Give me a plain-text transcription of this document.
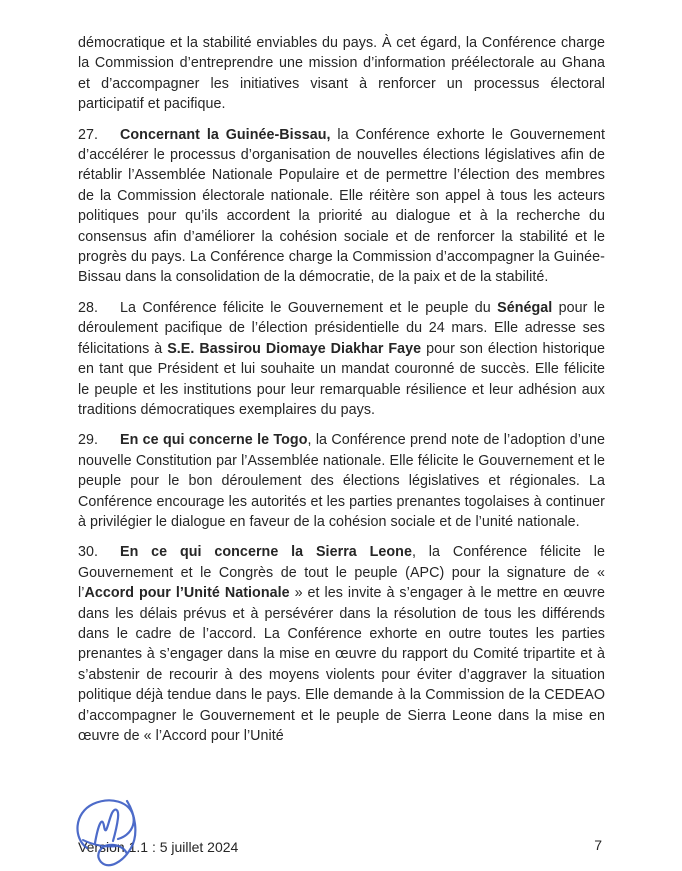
démocratique et la stabilité enviables du pays. À cet égard, la Conférence charge la Commission d’entreprendre une mission d’information préélectorale au Ghana et d’accompagner les initiatives visant à renforcer un processus électoral participatif et pacifique.

27. Concernant la Guinée-Bissau, la Conférence exhorte le Gouvernement d’accélérer le processus d’organisation de nouvelles élections législatives afin de rétablir l’Assemblée Nationale Populaire et de permettre l’élection des membres de la Commission électorale nationale. Elle réitère son appel à tous les acteurs politiques pour qu’ils accordent la priorité au dialogue et à la recherche du consensus afin d’améliorer la cohésion sociale et de renforcer la stabilité et le progrès du pays. La Conférence charge la Commission d’accompagner la Guinée-Bissau dans la consolidation de la démocratie, de la paix et de la stabilité.

28. La Conférence félicite le Gouvernement et le peuple du Sénégal pour le déroulement pacifique de l’élection présidentielle du 24 mars. Elle adresse ses félicitations à S.E. Bassirou Diomaye Diakhar Faye pour son élection historique en tant que Président et lui souhaite un mandat couronné de succès. Elle félicite le peuple et les institutions pour leur remarquable résilience et leur adhésion aux traditions démocratiques exemplaires du pays.

29. En ce qui concerne le Togo, la Conférence prend note de l’adoption d’une nouvelle Constitution par l’Assemblée nationale. Elle félicite le Gouvernement et le peuple pour le bon déroulement des élections législatives et régionales. La Conférence encourage les autorités et les parties prenantes togolaises à continuer à privilégier le dialogue en faveur de la cohésion sociale et de l’unité nationale.

30. En ce qui concerne la Sierra Leone, la Conférence félicite le Gouvernement et le Congrès de tout le peuple (APC) pour la signature de « l’Accord pour l’Unité Nationale » et les invite à s’engager à le mettre en œuvre dans les délais prévus et à persévérer dans la résolution de tous les différends dans le cadre de l’accord. La Conférence exhorte en outre toutes les parties prenantes à s’engager dans la mise en œuvre du rapport du Comité tripartite et à s’abstenir de recourir à des moyens violents pour éviter d’aggraver la situation politique déjà tendue dans le pays. Elle demande à la Commission de la CEDEAO d’accompagner le Gouvernement et le peuple de Sierra Leone dans la mise en œuvre de « l’Accord pour l’Unité

Version 1.1 : 5 juillet 2024	7
